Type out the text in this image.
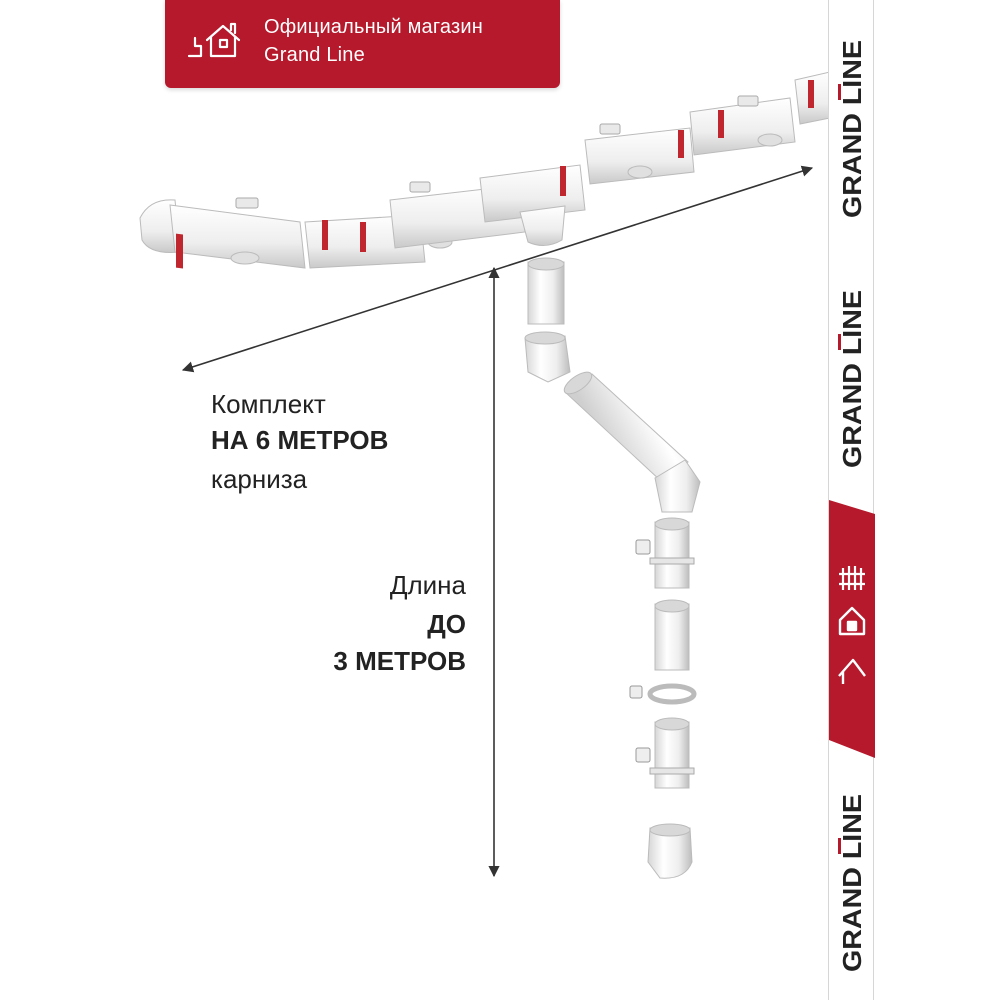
Официальный магазин
Grand Line
Комплект
НА 6 МЕТРОВ
карниза
Длина
ДО
3 МЕТРОВ
GRAND LINE
GRAND LINE
GRAND LINE
